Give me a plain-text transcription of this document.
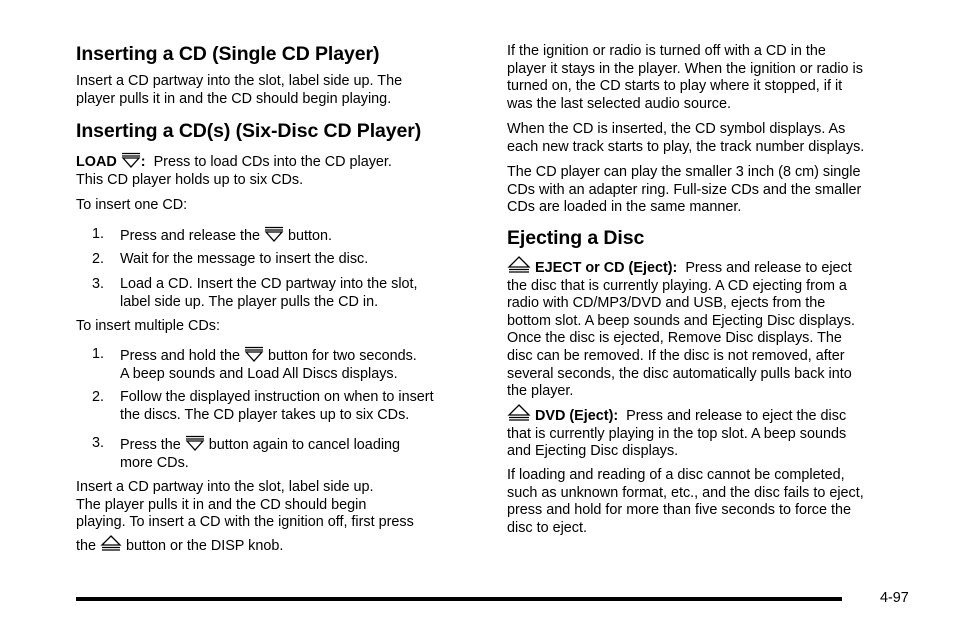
Inserting a CD (Single CD Player)
Insert a CD partway into the slot, label side up. The
player pulls it in and the CD should begin playing.
Inserting a CD(s) (Six-Disc CD Player)
LOAD : Press to load CDs into the CD player.
This CD player holds up to six CDs.
To insert one CD:
1. Press and release the button.
2. Wait for the message to insert the disc.
3. Load a CD. Insert the CD partway into the slot,
label side up. The player pulls the CD in.
To insert multiple CDs:
1. Press and hold the button for two seconds.
A beep sounds and Load All Discs displays.
2. Follow the displayed instruction on when to insert
the discs. The CD player takes up to six CDs.
3. Press the button again to cancel loading
more CDs.
Insert a CD partway into the slot, label side up.
The player pulls it in and the CD should begin
playing. To insert a CD with the ignition off, first press
the button or the DISP knob.
If the ignition or radio is turned off with a CD in the
player it stays in the player. When the ignition or radio is
turned on, the CD starts to play where it stopped, if it
was the last selected audio source.
When the CD is inserted, the CD symbol displays. As
each new track starts to play, the track number displays.
The CD player can play the smaller 3 inch (8 cm) single
CDs with an adapter ring. Full-size CDs and the smaller
CDs are loaded in the same manner.
Ejecting a Disc
EJECT or CD (Eject): Press and release to eject
the disc that is currently playing. A CD ejecting from a
radio with CD/MP3/DVD and USB, ejects from the
bottom slot. A beep sounds and Ejecting Disc displays.
Once the disc is ejected, Remove Disc displays. The
disc can be removed. If the disc is not removed, after
several seconds, the disc automatically pulls back into
the player.
DVD (Eject): Press and release to eject the disc
that is currently playing in the top slot. A beep sounds
and Ejecting Disc displays.
If loading and reading of a disc cannot be completed,
such as unknown format, etc., and the disc fails to eject,
press and hold for more than five seconds to force the
disc to eject.
4-97
